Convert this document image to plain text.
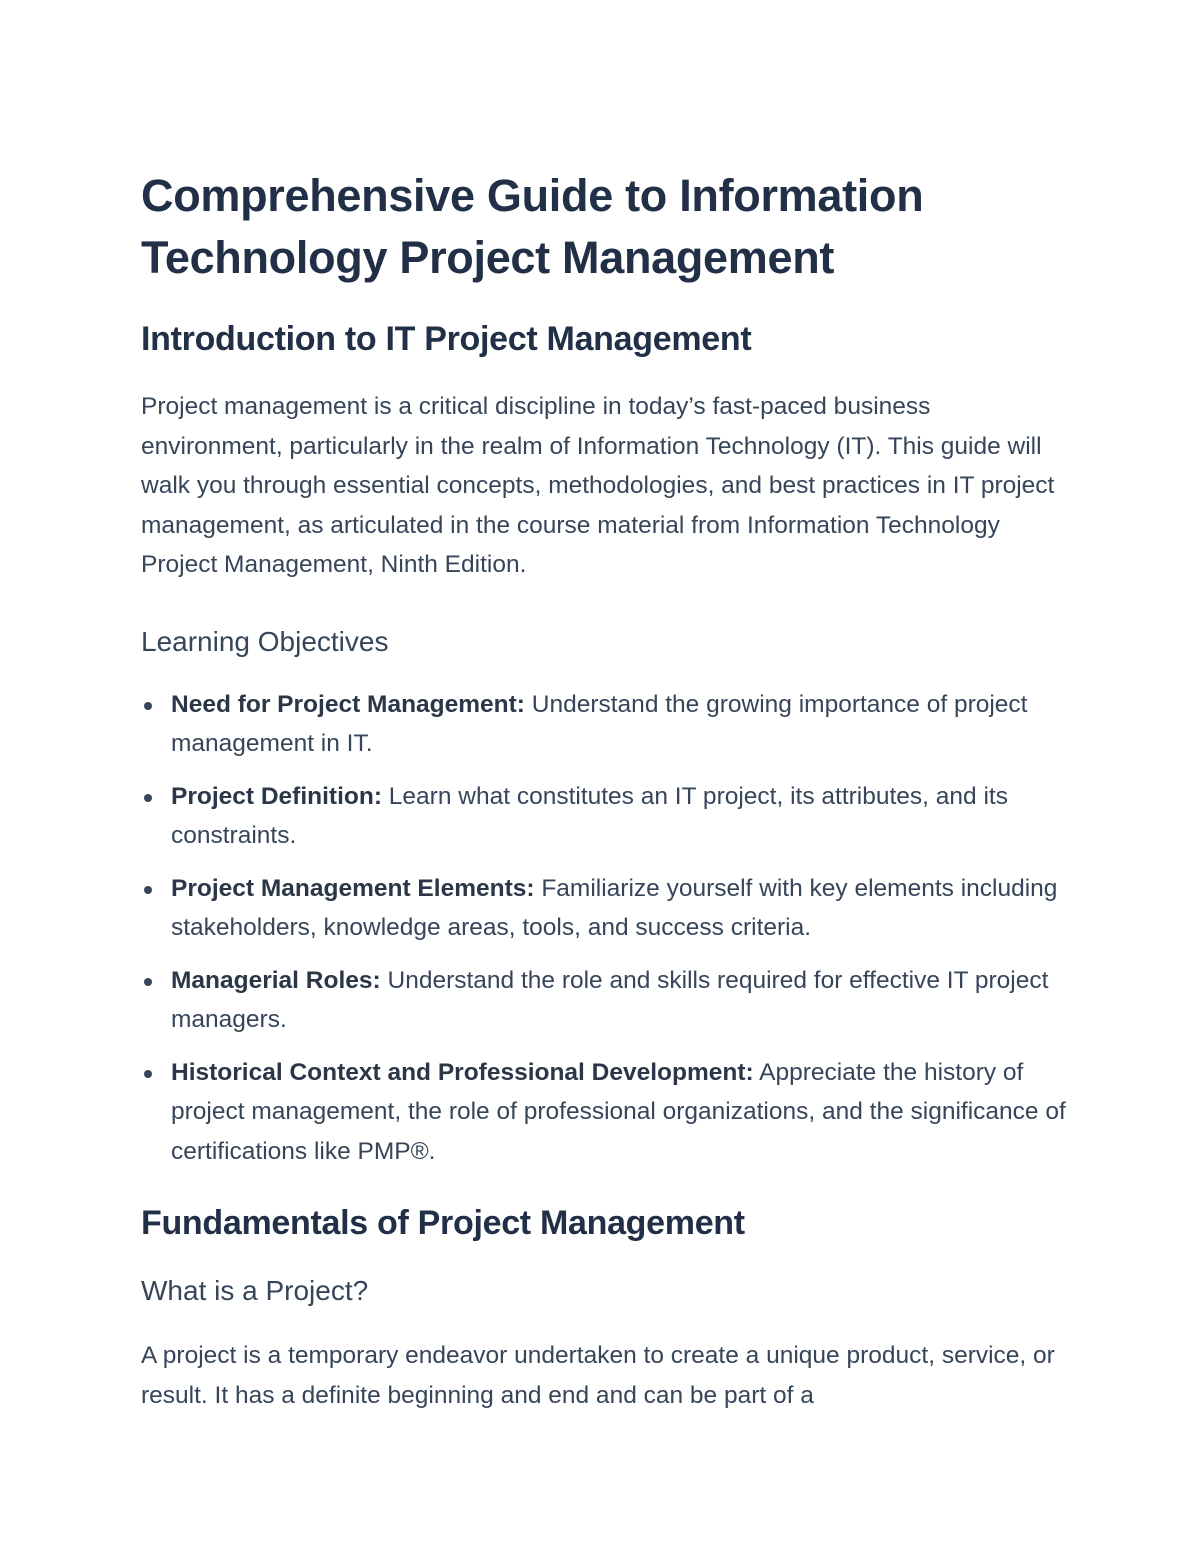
Comprehensive Guide to Information Technology Project Management
Introduction to IT Project Management

Project management is a critical discipline in today’s fast-paced business environment, particularly in the realm of Information Technology (IT). This guide will walk you through essential concepts, methodologies, and best practices in IT project management, as articulated in the course material from Information Technology Project Management, Ninth Edition.

Learning Objectives
Need for Project Management: Understand the growing importance of project management in IT.
Project Definition: Learn what constitutes an IT project, its attributes, and its constraints.
Project Management Elements: Familiarize yourself with key elements including stakeholders, knowledge areas, tools, and success criteria.
Managerial Roles: Understand the role and skills required for effective IT project managers.
Historical Context and Professional Development: Appreciate the history of project management, the role of professional organizations, and the significance of certifications like PMP®.
Fundamentals of Project Management
What is a Project?

A project is a temporary endeavor undertaken to create a unique product, service, or result. It has a definite beginning and end and can be part of a
